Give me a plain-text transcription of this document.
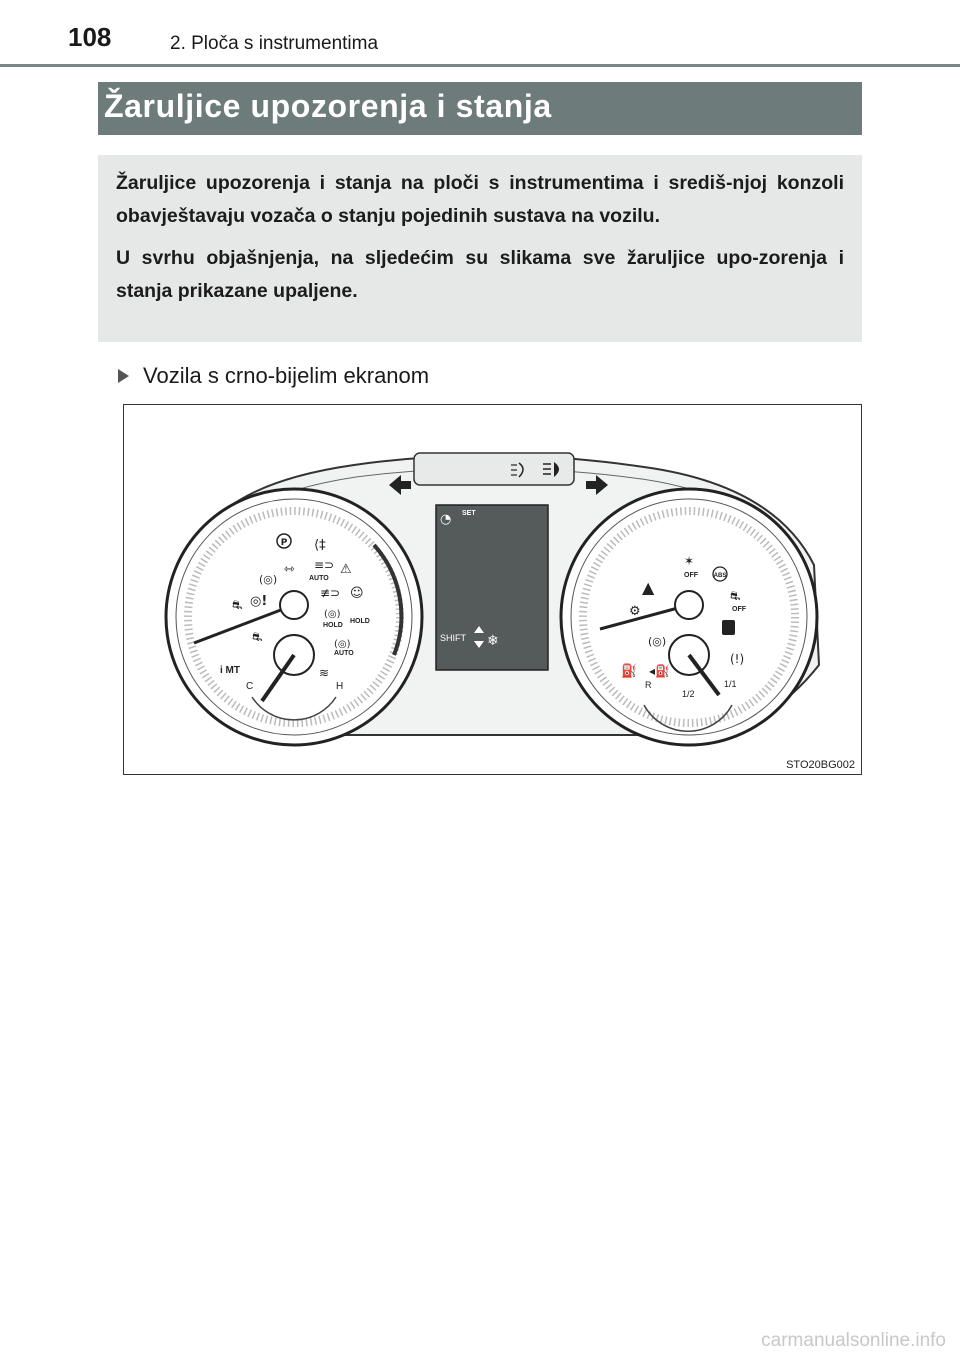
108	2. Ploča s instrumentima
Žaruljice upozorenja i stanja

Žaruljice upozorenja i stanja na ploči s instrumentima i središ-njoj konzoli obavještavaju vozača o stanju pojedinih sustava na vozilu.

U svrhu objašnjenja, na sljedećim su slikama sve žaruljice upo-zorenja i stanja prikazane upaljene.

Vozila s crno-bijelim ekranom
P ⟨‡
(◎)
⇿ ≡⊃
AUTO
⚠
⛐ ◎!
≢⊃ ☺
(◎)
HOLD
HOLD
⛐
(◎)
AUTO
i MT	≋
C	H
◔ SET
SHIFT ❄
✶
OFF	ABS
▲	⛐
OFF
⚙
(◎)
(!)
⛽ ◂⛽
R
1/2
1/1
STO20BG002
carmanualsonline.info
